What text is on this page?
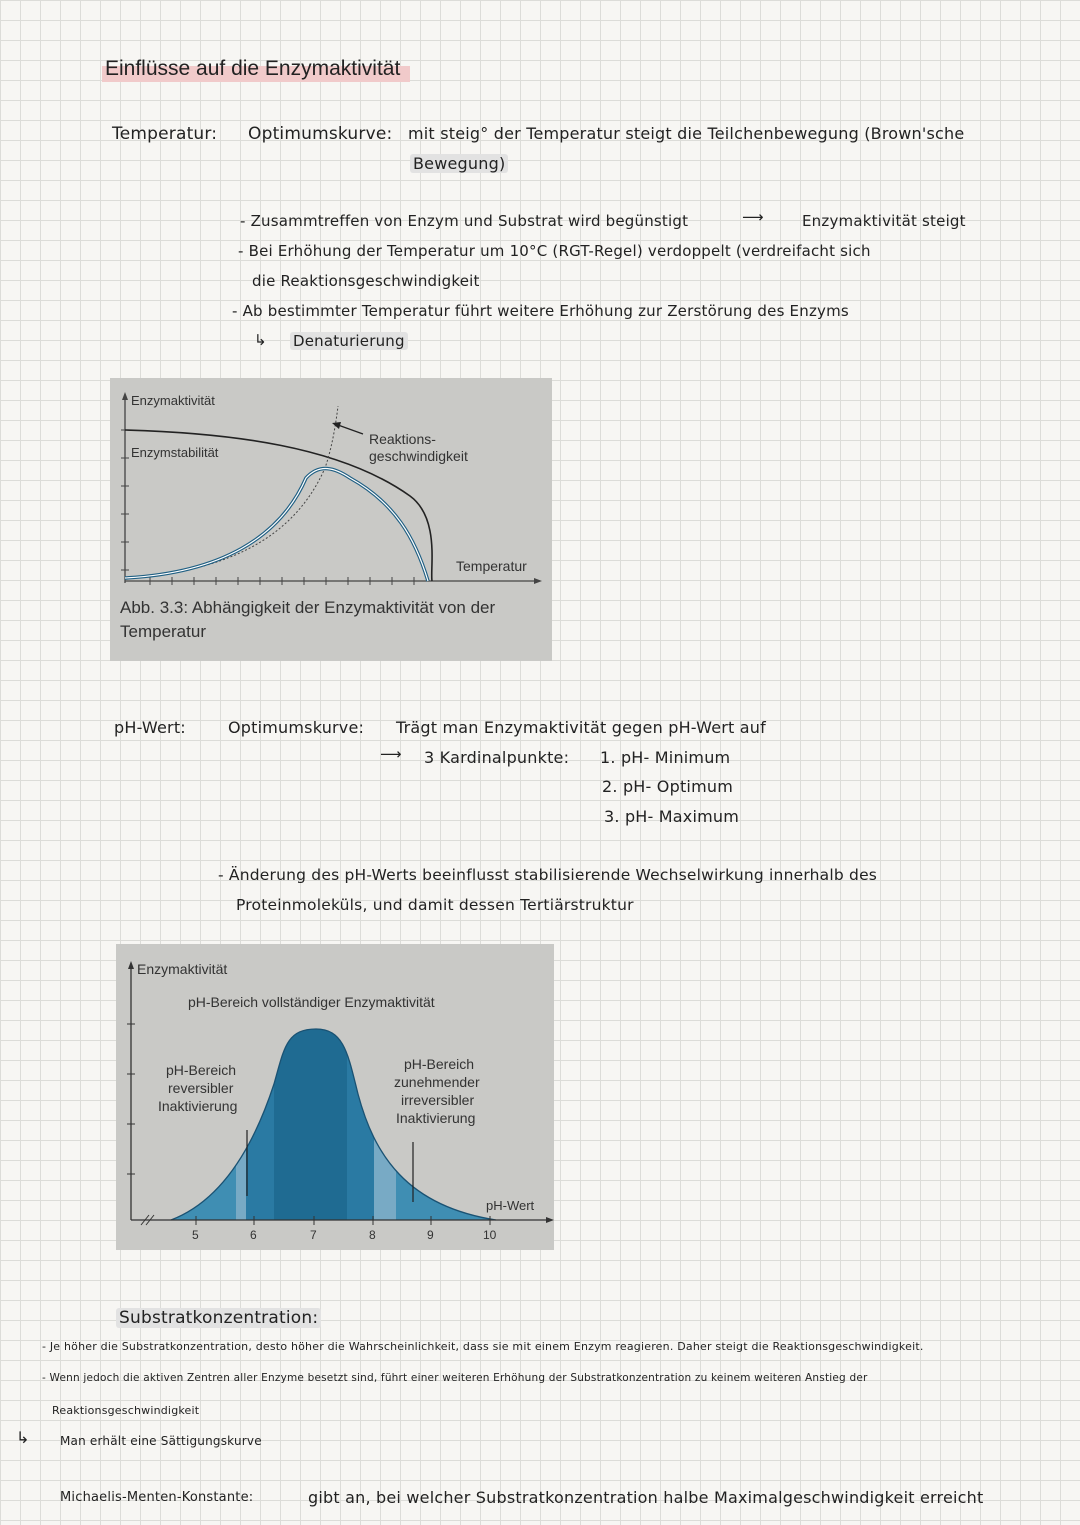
Einflüsse auf die Enzymaktivität
Temperatur: Optimumskurve: mit steig° der Temperatur steigt die Teilchenbewegung (Brown'sche
Bewegung)
- Zusammtreffen von Enzym und Substrat wird begünstigt	⟶	Enzymaktivität steigt
- Bei Erhöhung der Temperatur um 10°C (RGT-Regel) verdoppelt (verdreifacht sich
die Reaktionsgeschwindigkeit
- Ab bestimmter Temperatur führt weitere Erhöhung zur Zerstörung des Enzyms
↳ Denaturierung
Enzymaktivität
Enzymstabilität
Reaktions-
geschwindigkeit
Temperatur
Abb. 3.3: Abhängigkeit der Enzymaktivität von der
Temperatur
pH-Wert:	Optimumskurve: Trägt man Enzymaktivität gegen pH-Wert auf
⟶ 3 Kardinalpunkte: 1. pH- Minimum
2. pH- Optimum
3. pH- Maximum
- Änderung des pH-Werts beeinflusst stabilisierende Wechselwirkung innerhalb des
Proteinmoleküls, und damit dessen Tertiärstruktur
Enzymaktivität
pH-Bereich vollständiger Enzymaktivität
pH-Bereich
reversibler
Inaktivierung
pH-Bereich
zunehmender
irreversibler
Inaktivierung
pH-Wert
5	6	7	8	9	10
Substratkonzentration:
- Je höher die Substratkonzentration, desto höher die Wahrscheinlichkeit, dass sie mit einem Enzym reagieren. Daher steigt die Reaktionsgeschwindigkeit.
- Wenn jedoch die aktiven Zentren aller Enzyme besetzt sind, führt einer weiteren Erhöhung der Substratkonzentration zu keinem weiteren Anstieg der
Reaktionsgeschwindigkeit
↳	Man erhält eine Sättigungskurve
Michaelis-Menten-Konstante:	gibt an, bei welcher Substratkonzentration halbe Maximalgeschwindigkeit erreicht
